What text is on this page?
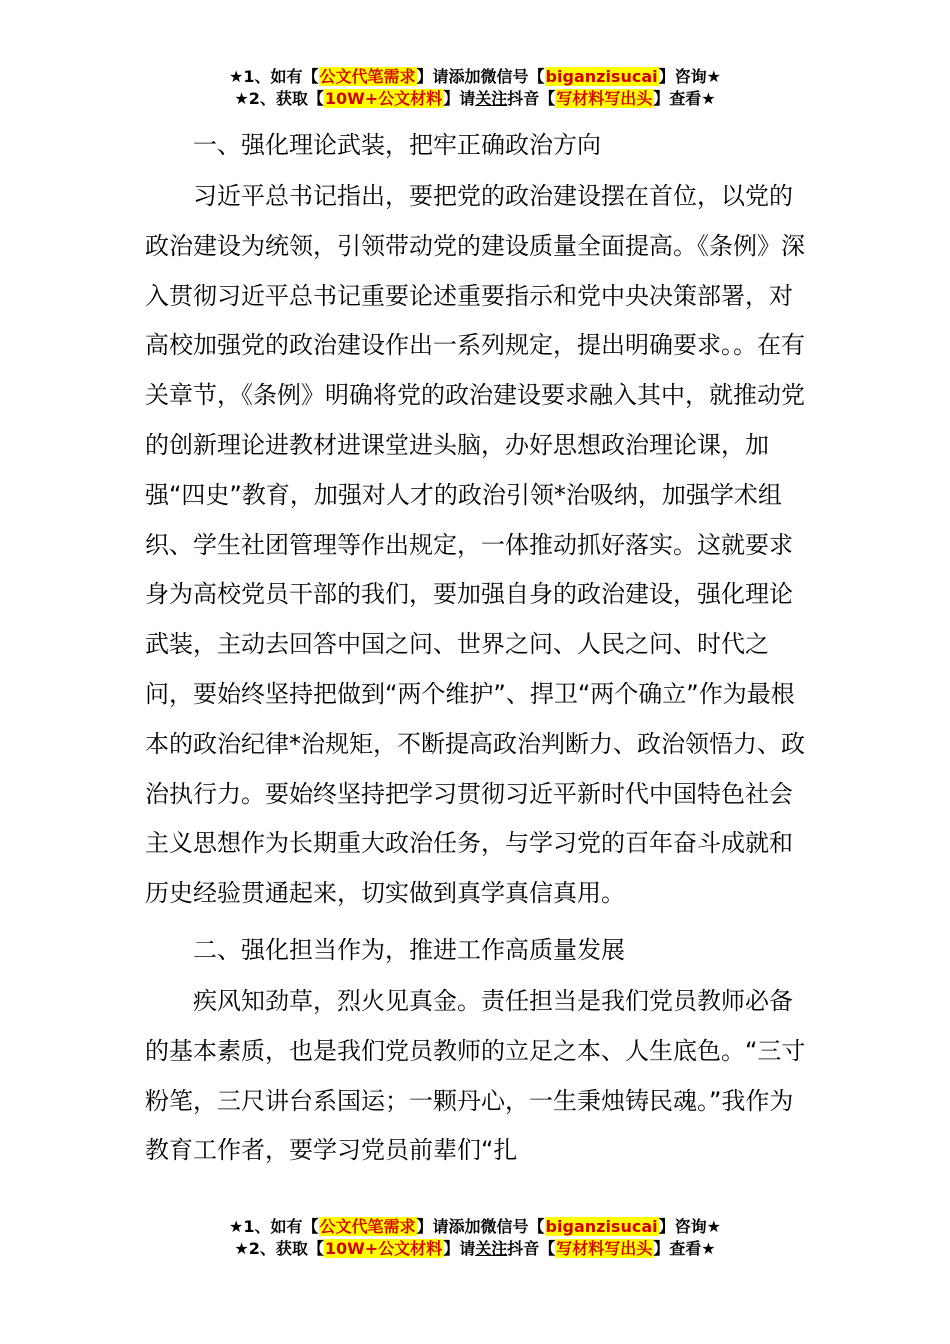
★1、如有【公文代笔需求】请添加微信号【biganzisucai】咨询★
★2、获取【10W+公文材料】请关注抖音【写材料写出头】查看★

一、强化理论武装，把牢正确政治方向

习近平总书记指出，要把党的政治建设摆在首位，以党的政治建设为统领，引领带动党的建设质量全面提高。《条例》深入贯彻习近平总书记重要论述重要指示和党中央决策部署，对高校加强党的政治建设作出一系列规定，提出明确要求。。在有关章节，《条例》明确将党的政治建设要求融入其中，就推动党的创新理论进教材进课堂进头脑，办好思想政治理论课，加强“四史”教育，加强对人才的政治引领*治吸纳，加强学术组织、学生社团管理等作出规定，一体推动抓好落实。这就要求身为高校党员干部的我们，要加强自身的政治建设，强化理论武装，主动去回答中国之问、世界之问、人民之问、时代之问，要始终坚持把做到“两个维护”、捍卫“两个确立”作为最根本的政治纪律*治规矩，不断提高政治判断力、政治领悟力、政治执行力。要始终坚持把学习贯彻习近平新时代中国特色社会主义思想作为长期重大政治任务，与学习党的百年奋斗成就和历史经验贯通起来，切实做到真学真信真用。

二、强化担当作为，推进工作高质量发展

疾风知劲草，烈火见真金。责任担当是我们党员教师必备的基本素质，也是我们党员教师的立足之本、人生底色。“三寸粉笔，三尺讲台系国运；一颗丹心，一生秉烛铸民魂。”我作为教育工作者，要学习党员前辈们“扎

★1、如有【公文代笔需求】请添加微信号【biganzisucai】咨询★
★2、获取【10W+公文材料】请关注抖音【写材料写出头】查看★
